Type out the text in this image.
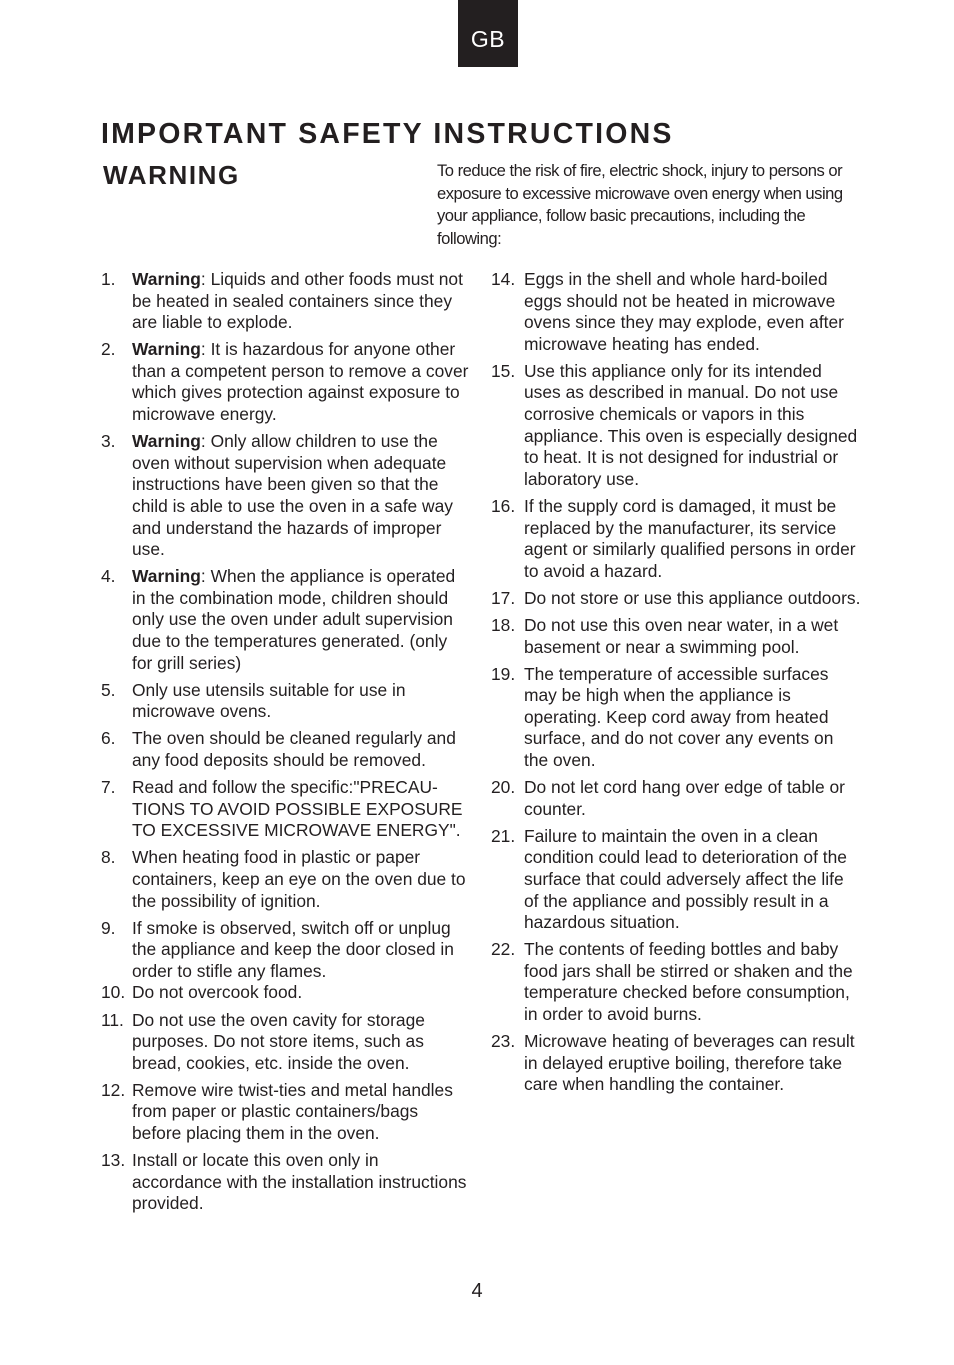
GB
IMPORTANT SAFETY INSTRUCTIONS
WARNING	To reduce the risk of fire, electric shock, injury to persons or exposure to excessive microwave oven energy when using your appliance, follow basic precautions, including the following:

1. Warning: Liquids and other foods must not be heated in sealed containers since they are liable to explode.
2. Warning: It is hazardous for anyone other than a competent person to remove a cover which gives protection against exposure to microwave energy.
3. Warning: Only allow children to use the oven without supervision when adequate instructions have been given so that the child is able to use the oven in a safe way and understand the hazards of improper use.
4. Warning: When the appliance is operated in the combination mode, children should only use the oven under adult supervision due to the temperatures generated. (only for grill series)
5. Only use utensils suitable for use in microwave ovens.
6. The oven should be cleaned regularly and any food deposits should be removed.
7. Read and follow the specific:"PRECAU-TIONS TO AVOID POSSIBLE EXPOSURE TO EXCESSIVE MICROWAVE ENERGY".
8. When heating food in plastic or paper containers, keep an eye on the oven due to the possibility of ignition.
9. If smoke is observed, switch off or unplug the appliance and keep the door closed in order to stifle any flames.
10. Do not overcook food.
11. Do not use the oven cavity for storage purposes. Do not store items, such as bread, cookies, etc. inside the oven.
12. Remove wire twist-ties and metal handles from paper or plastic containers/bags before placing them in the oven.
13. Install or locate this oven only in accordance with the installation instructions provided.
14. Eggs in the shell and whole hard-boiled eggs should not be heated in microwave ovens since they may explode, even after microwave heating has ended.
15. Use this appliance only for its intended uses as described in manual. Do not use corrosive chemicals or vapors in this appliance. This oven is especially designed to heat. It is not designed for industrial or laboratory use.
16. If the supply cord is damaged, it must be replaced by the manufacturer, its service agent or similarly qualified persons in order to avoid a hazard.
17. Do not store or use this appliance outdoors.
18. Do not use this oven near water, in a wet basement or near a swimming pool.
19. The temperature of accessible surfaces may be high when the appliance is operating. Keep cord away from heated surface, and do not cover any events on the oven.
20. Do not let cord hang over edge of table or counter.
21. Failure to maintain the oven in a clean condition could lead to deterioration of the surface that could adversely affect the life of the appliance and possibly result in a hazardous situation.
22. The contents of feeding bottles and baby food jars shall be stirred or shaken and the temperature checked before consumption, in order to avoid burns.
23. Microwave heating of beverages can result in delayed eruptive boiling, therefore take care when handling the container.
4
